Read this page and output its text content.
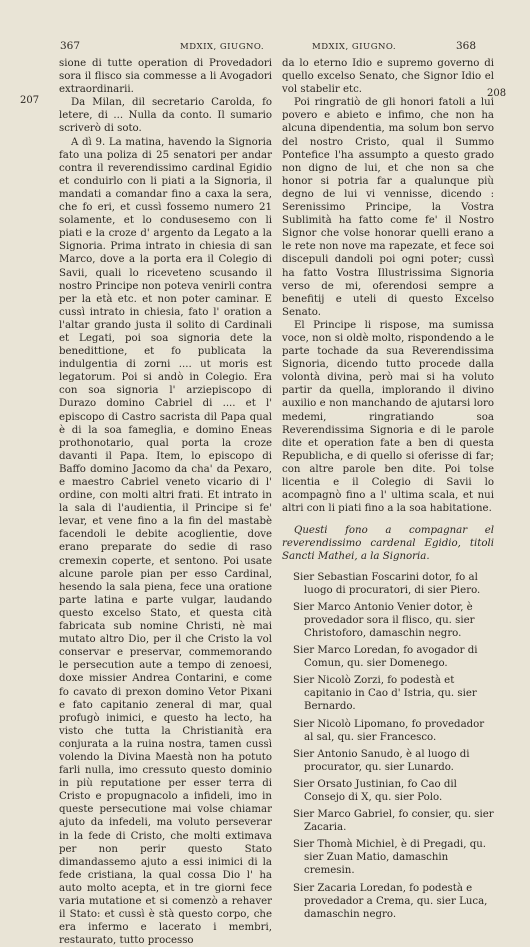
367	MDXIX, GIUGNO.	MDXIX, GIUGNO.	368
207
208

sione di tutte operation di Provedadori sora il flisco sia commesse a li Avogadori extraordinarii.

Da Milan, dil secretario Carolda, fo letere, di ... Nulla da conto. Il sumario scriverò di soto.

A dì 9. La matina, havendo la Signoria fato una poliza di 25 senatori per andar contra il reverendissimo cardinal Egidio et conduirlo con li piati a la Signoria, il mandati a comandar fino a caxa la sera, che fo eri, et cussì fossemo numero 21 solamente, et lo condusesemo con li piati e la croze d' argento da Legato a la Signoria. Prima intrato in chiesia di san Marco, dove a la porta era il Colegio di Savii, quali lo riceveteno scusando il nostro Principe non poteva venirli contra per la età etc. et non poter caminar. E cussì intrato in chiesia, fato l' oration a l'altar grando justa il solito di Cardinali et Legati, poi soa signoria dete la benedittione, et fo publicata la indulgentia di zorni .... ut moris est legatorum. Poi si andò in Colegio. Era con soa signoria l' arziepiscopo di Durazo domino Cabriel di .... et l' episcopo di Castro sacrista dil Papa qual è di la soa fameglia, e domino Eneas prothonotario, qual porta la croze davanti il Papa. Item, lo episcopo di Baffo domino Jacomo da cha' da Pexaro, e maestro Cabriel veneto vicario di l' ordine, con molti altri frati. Et intrato in la sala di l'audientia, il Principe si fe' levar, et vene fino a la fin del mastabè facendoli le debite acoglientie, dove erano preparate do sedie di raso cremexin coperte, et sentono. Poi usate alcune parole pian per esso Cardinal, hesendo la sala piena, fece una oratione parte latina e parte vulgar, laudando questo excelso Stato, et questa cità fabricata sub nomine Christi, nè mai mutato altro Dio, per il che Cristo la vol conservar e preservar, commemorando le persecution aute a tempo di zenoesi, doxe missier Andrea Contarini, e come fo cavato di prexon domino Vetor Pixani e fato capitanio zeneral di mar, qual profugò inimici, e questo ha lecto, ha visto che tutta la Christianità era conjurata a la ruina nostra, tamen cussì volendo la Divina Maestà non ha potuto farli nulla, imo cressuto questo dominio in più reputatione per esser terra di Cristo e propugnacolo a infideli, imo in queste persecutione mai volse chiamar ajuto da infedeli, ma voluto perseverar in la fede di Cristo, che molti extimava per non perir questo Stato dimandassemo ajuto a essi inimici di la fede cristiana, la qual cossa Dio l' ha auto molto acepta, et in tre giorni fece varia mutatione et si comenzò a rehaver il Stato: et cussì è stà questo corpo, che era infermo e lacerato i membri, restaurato, tutto processo

da lo eterno Idio e supremo governo di quello excelso Senato, che Signor Idio el vol stabelir etc.

Poi ringratiò de gli honori fatoli a lui povero e abieto e infimo, che non ha alcuna dipendentia, ma solum bon servo del nostro Cristo, qual il Summo Pontefice l'ha assumpto a questo grado non digno de lui, et che non sa che honor si potria far a qualunque più degno de lui vi vennisse, dicendo : Serenissimo Principe, la Vostra Sublimità ha fatto come fe' il Nostro Signor che volse honorar quelli erano a le rete non nove ma rapezate, et fece soi discepuli dandoli poi ogni poter; cussì ha fatto Vostra Illustrissima Signoria verso de mi, oferendosi sempre a benefitij e uteli di questo Excelso Senato.

El Principe li rispose, ma sumissa voce, non si oldè molto, rispondendo a le parte tochade da sua Reverendissima Signoria, dicendo tutto procede dalla volontà divina, però mai si ha voluto partir da quella, implorando il divino auxilio e non manchando de ajutarsi loro medemi, ringratiando soa Reverendissima Signoria e di le parole dite et operation fate a ben di questa Republicha, e di quello si oferisse di far; con altre parole ben dite. Poi tolse licentia e il Colegio di Savii lo acompagnò fino a l' ultima scala, et nui altri con li piati fino a la soa habitatione.

Questi fono a compagnar el reverendissimo cardenal Egidio, titoli Sancti Mathei, a la Signoria.

Sier Sebastian Foscarini dotor, fo al luogo di procuratori, di sier Piero.
Sier Marco Antonio Venier dotor, è provedador sora il flisco, qu. sier Christoforo, damaschin negro.
Sier Marco Loredan, fo avogador di Comun, qu. sier Domenego.
Sier Nicolò Zorzi, fo podestà et capitanio in Cao d' Istria, qu. sier Bernardo.
Sier Nicolò Lipomano, fo provedador al sal, qu. sier Francesco.
Sier Antonio Sanudo, è al luogo di procurator, qu. sier Lunardo.
Sier Orsato Justinian, fo Cao dil Consejo di X, qu. sier Polo.
Sier Marco Gabriel, fo consier, qu. sier Zacaria.
Sier Thomà Michiel, è di Pregadi, qu. sier Zuan Matio, damaschin cremesin.
Sier Zacaria Loredan, fo podestà e provedador a Crema, qu. sier Luca, damaschin negro.
